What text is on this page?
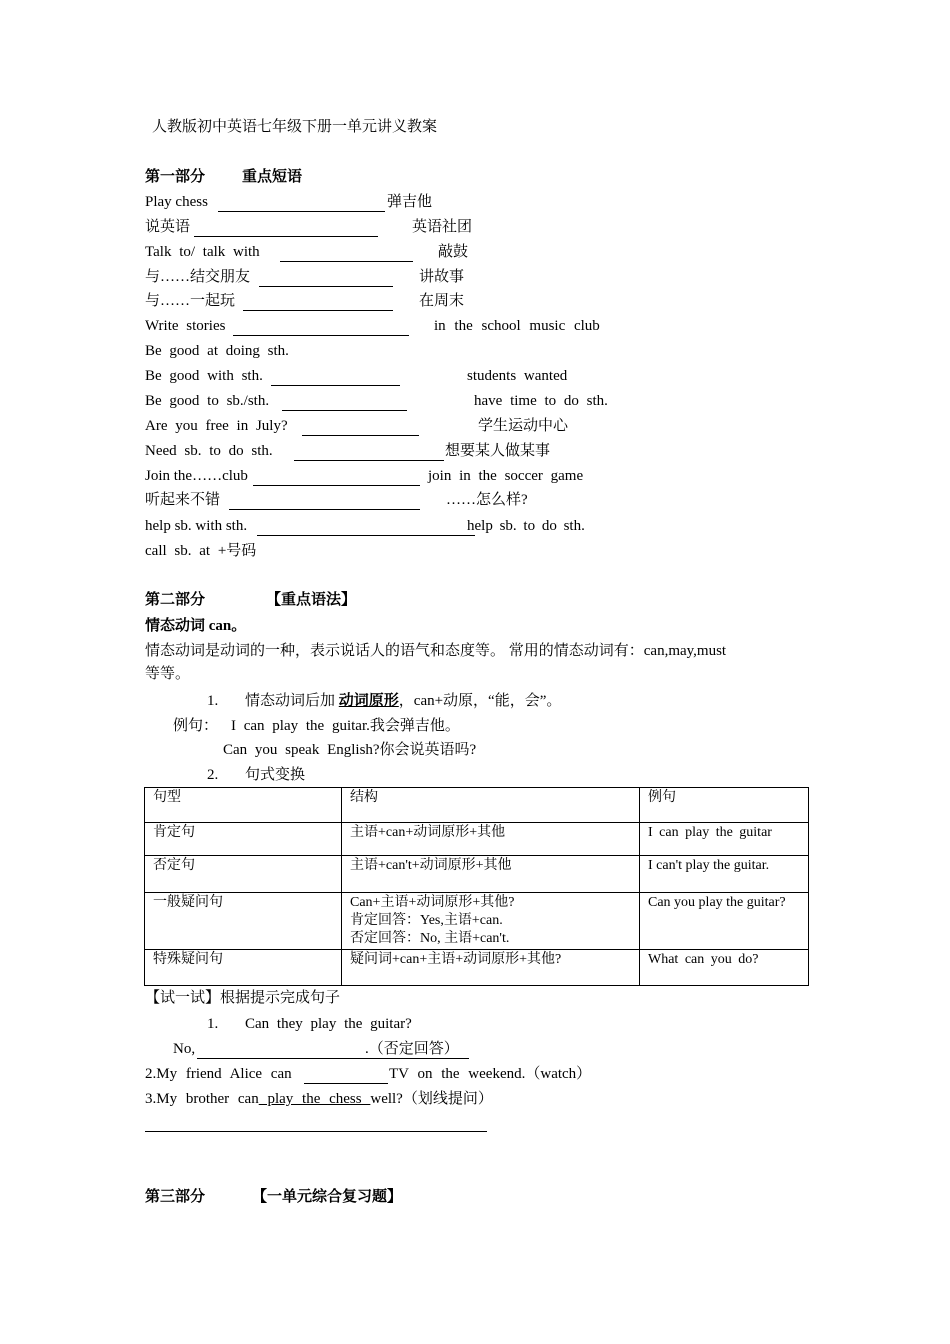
人教版初中英语七年级下册一单元讲义教案
第一部分 重点短语
Play chess	弹吉他
说英语	英语社团
Talk to/ talk with	敲鼓
与……结交朋友	讲故事
与……一起玩	在周末
Write stories	in the school music club
Be good at doing sth.
Be good with sth.	students wanted
Be good to sb./sth.	have time to do sth.
Are you free in July?	学生运动中心
Need sb. to do sth.	想要某人做某事
Join the……club	join in the soccer game
听起来不错	……怎么样?
help sb. with sth.	help sb. to do sth.
call sb. at +号码
第二部分	【重点语法】
情态动词 can。
情态动词是动词的一种，表示说话人的语气和态度等。 常用的情态动词有：can,may,must
等等。
1. 情态动词后加 动词原形，can+动原，“能，会”。
例句： I can play the guitar.我会弹吉他。
Can you speak English?你会说英语吗?
2. 句式变换
句型	结构	例句
肯定句	主语+can+动词原形+其他	I can play the guitar
否定句	主语+can't+动词原形+其他	I can't play the guitar.
一般疑问句	Can+主语+动词原形+其他?
肯定回答：Yes,主语+can.
否定回答：No, 主语+can't.	Can you play the guitar?
特殊疑问句	疑问词+can+主语+动词原形+其他?	What can you do?
【试一试】根据提示完成句子
1. Can they play the guitar?
No,	.（否定回答）
2.My friend Alice can	TV on the weekend.（watch）
3.My brother can play the chess well?（划线提问）
第三部分	【一单元综合复习题】
